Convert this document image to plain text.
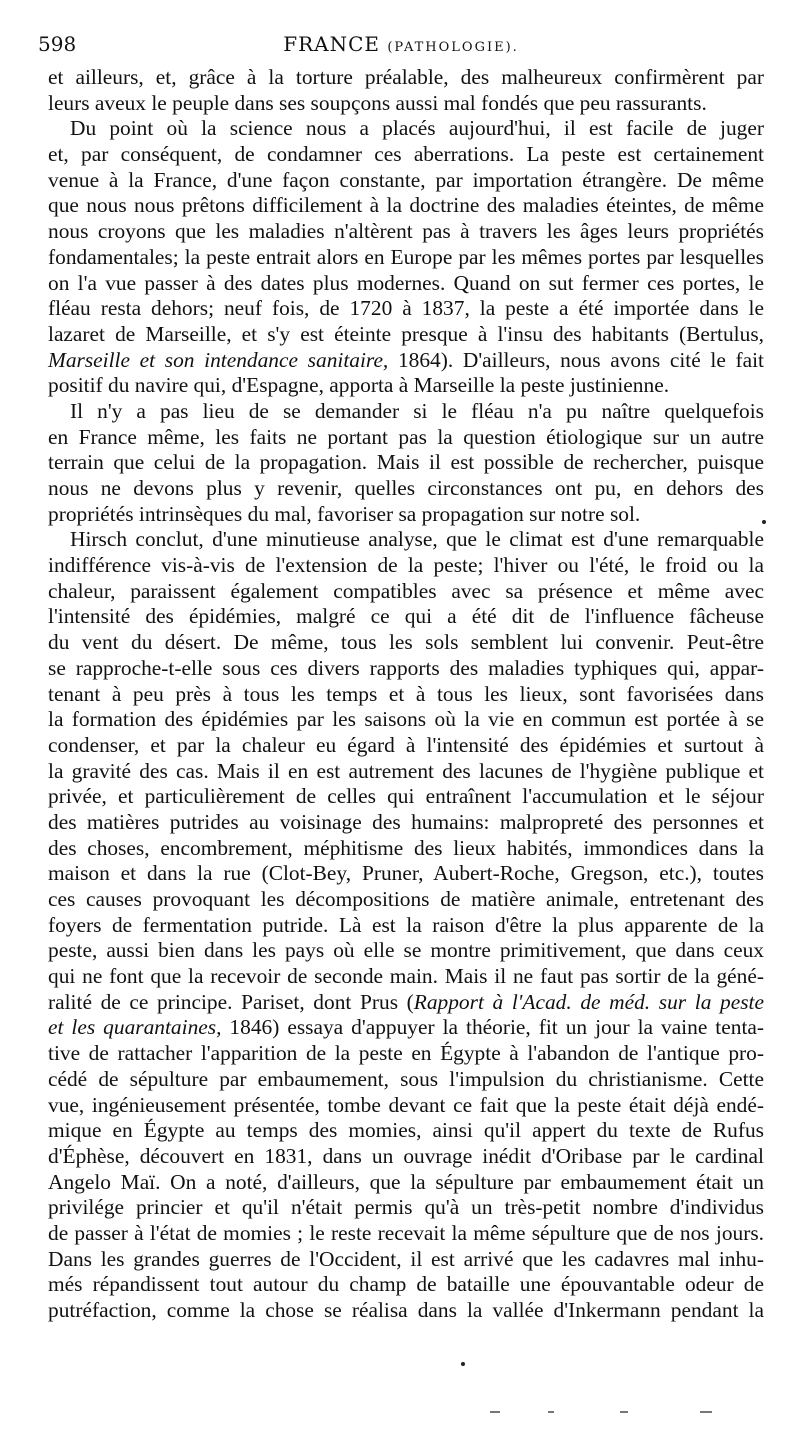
598	FRANCE (PATHOLOGIE).
et ailleurs, et, grâce à la torture préalable, des malheureux confirmèrent par
leurs aveux le peuple dans ses soupçons aussi mal fondés que peu rassurants.
Du point où la science nous a placés aujourd'hui, il est facile de juger
et, par conséquent, de condamner ces aberrations. La peste est certainement
venue à la France, d'une façon constante, par importation étrangère. De même
que nous nous prêtons difficilement à la doctrine des maladies éteintes, de même
nous croyons que les maladies n'altèrent pas à travers les âges leurs propriétés
fondamentales; la peste entrait alors en Europe par les mêmes portes par lesquelles
on l'a vue passer à des dates plus modernes. Quand on sut fermer ces portes, le
fléau resta dehors; neuf fois, de 1720 à 1837, la peste a été importée dans le
lazaret de Marseille, et s'y est éteinte presque à l'insu des habitants (Bertulus,
Marseille et son intendance sanitaire, 1864). D'ailleurs, nous avons cité le fait
positif du navire qui, d'Espagne, apporta à Marseille la peste justinienne.
Il n'y a pas lieu de se demander si le fléau n'a pu naître quelquefois
en France même, les faits ne portant pas la question étiologique sur un autre
terrain que celui de la propagation. Mais il est possible de rechercher, puisque
nous ne devons plus y revenir, quelles circonstances ont pu, en dehors des
propriétés intrinsèques du mal, favoriser sa propagation sur notre sol.
Hirsch conclut, d'une minutieuse analyse, que le climat est d'une remarquable
indifférence vis-à-vis de l'extension de la peste; l'hiver ou l'été, le froid ou la
chaleur, paraissent également compatibles avec sa présence et même avec
l'intensité des épidémies, malgré ce qui a été dit de l'influence fâcheuse
du vent du désert. De même, tous les sols semblent lui convenir. Peut-être
se rapproche-t-elle sous ces divers rapports des maladies typhiques qui, appar-
tenant à peu près à tous les temps et à tous les lieux, sont favorisées dans
la formation des épidémies par les saisons où la vie en commun est portée à se
condenser, et par la chaleur eu égard à l'intensité des épidémies et surtout à
la gravité des cas. Mais il en est autrement des lacunes de l'hygiène publique et
privée, et particulièrement de celles qui entraînent l'accumulation et le séjour
des matières putrides au voisinage des humains: malpropreté des personnes et
des choses, encombrement, méphitisme des lieux habités, immondices dans la
maison et dans la rue (Clot-Bey, Pruner, Aubert-Roche, Gregson, etc.), toutes
ces causes provoquant les décompositions de matière animale, entretenant des
foyers de fermentation putride. Là est la raison d'être la plus apparente de la
peste, aussi bien dans les pays où elle se montre primitivement, que dans ceux
qui ne font que la recevoir de seconde main. Mais il ne faut pas sortir de la géné-
ralité de ce principe. Pariset, dont Prus (Rapport à l'Acad. de méd. sur la peste
et les quarantaines, 1846) essaya d'appuyer la théorie, fit un jour la vaine tenta-
tive de rattacher l'apparition de la peste en Égypte à l'abandon de l'antique pro-
cédé de sépulture par embaumement, sous l'impulsion du christianisme. Cette
vue, ingénieusement présentée, tombe devant ce fait que la peste était déjà endé-
mique en Égypte au temps des momies, ainsi qu'il appert du texte de Rufus
d'Éphèse, découvert en 1831, dans un ouvrage inédit d'Oribase par le cardinal
Angelo Maï. On a noté, d'ailleurs, que la sépulture par embaumement était un
privilége princier et qu'il n'était permis qu'à un très-petit nombre d'individus
de passer à l'état de momies ; le reste recevait la même sépulture que de nos jours.
Dans les grandes guerres de l'Occident, il est arrivé que les cadavres mal inhu-
més répandissent tout autour du champ de bataille une épouvantable odeur de
putréfaction, comme la chose se réalisa dans la vallée d'Inkermann pendant la
